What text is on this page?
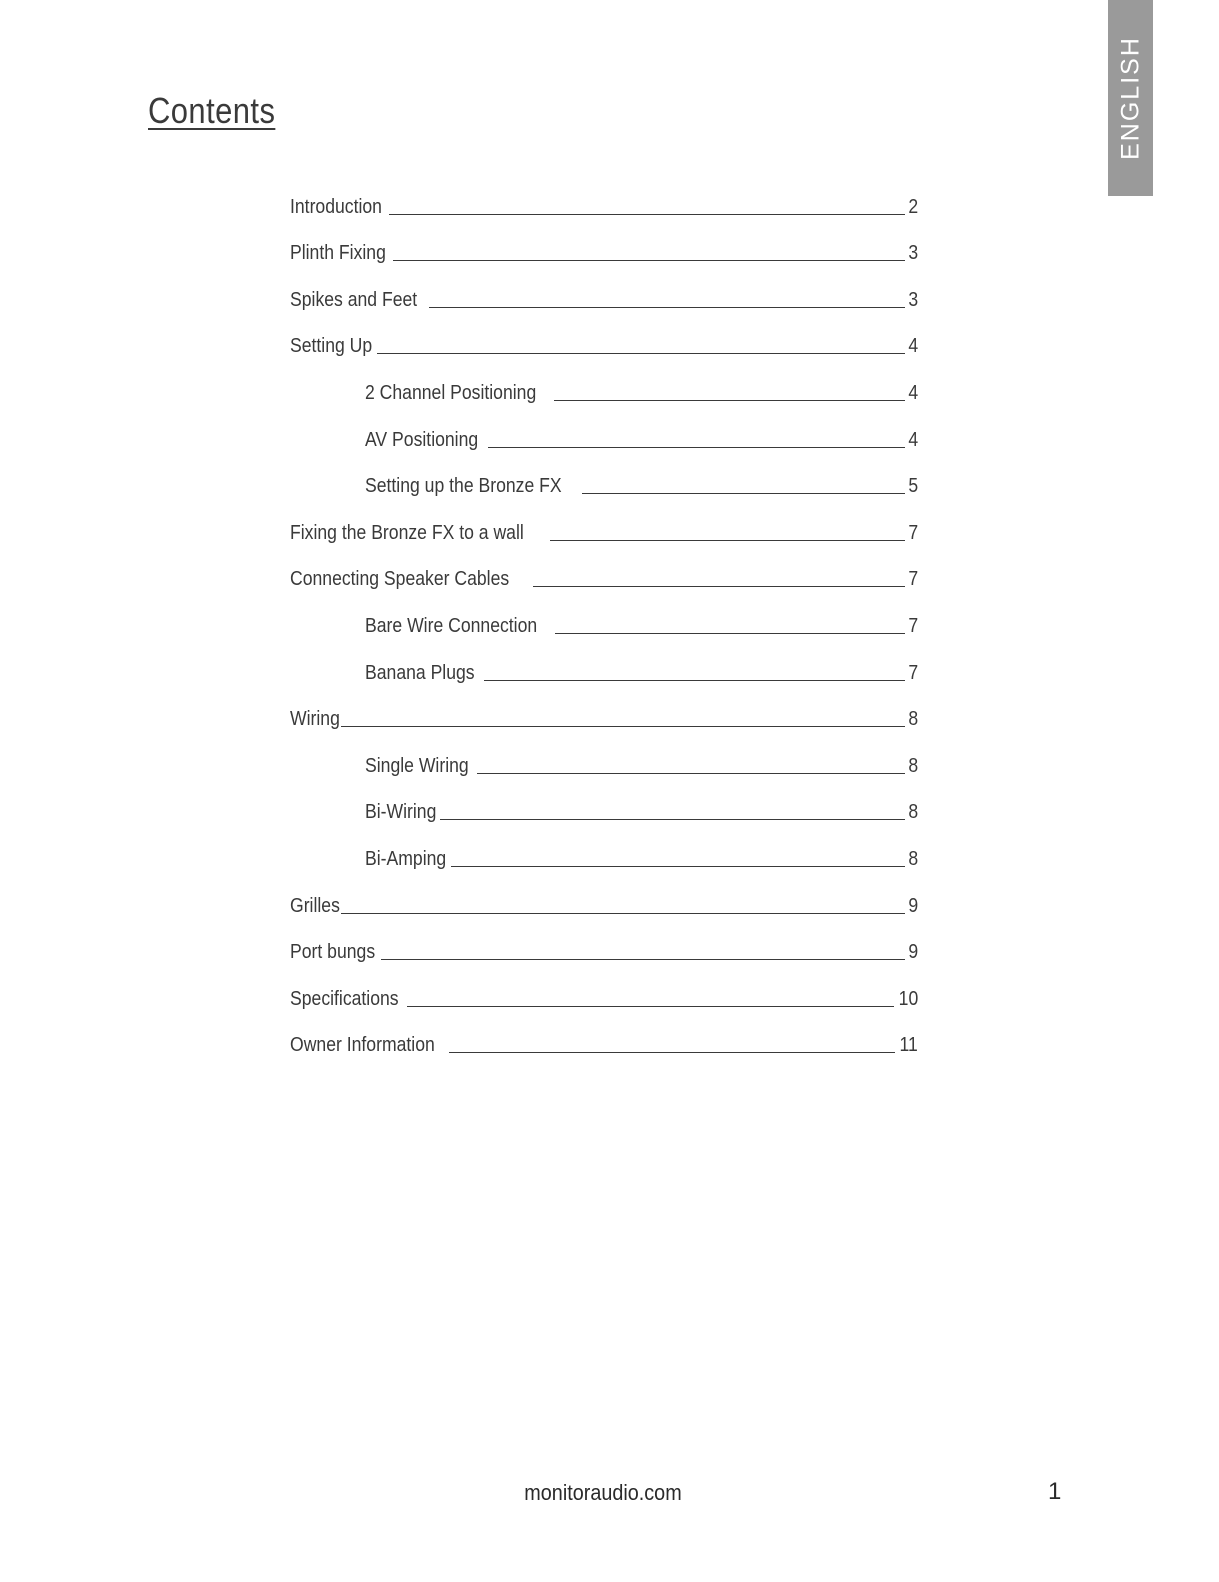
ENGLISH
Contents
Introduction	2
Plinth Fixing	3
Spikes and Feet	3
Setting Up	4
2 Channel Positioning	4
AV Positioning	4
Setting up the Bronze FX	5
Fixing the Bronze FX to a wall	7
Connecting Speaker Cables	7
Bare Wire Connection	7
Banana Plugs	7
Wiring	8
Single Wiring	8
Bi-Wiring	8
Bi-Amping	8
Grilles	9
Port bungs	9
Specifications	10
Owner Information	11
monitoraudio.com	1
